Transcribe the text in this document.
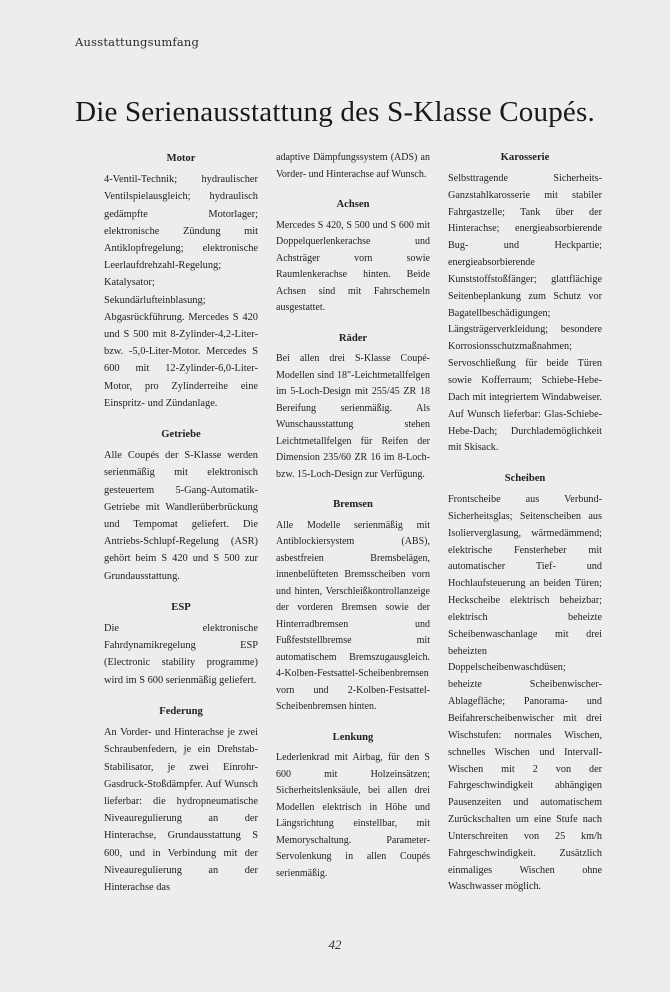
Ausstattungsumfang
Die Serienausstattung des S-Klasse Coupés.
Motor

4-Ventil-Technik; hydraulischer Ventilspielausgleich; hydraulisch gedämpfte Motorlager; elektronische Zündung mit Antiklopfregelung; elektronische Leerlaufdrehzahl-Regelung; Katalysator; Sekundärlufteinblasung; Abgasrückführung. Mercedes S 420 und S 500 mit 8-Zylinder-4,2-Liter- bzw. -5,0-Liter-Motor. Mercedes S 600 mit 12-Zylinder-6,0-Liter-Motor, pro Zylinderreihe eine Einspritz- und Zündanlage.

Getriebe

Alle Coupés der S-Klasse werden serienmäßig mit elektronisch gesteuertem 5-Gang-Automatik-Getriebe mit Wandlerüberbrückung und Tempomat geliefert. Die Antriebs-Schlupf-Regelung (ASR) gehört beim S 420 und S 500 zur Grundausstattung.

ESP

Die elektronische Fahrdynamikregelung ESP (Electronic stability programme) wird im S 600 serienmäßig geliefert.

Federung

An Vorder- und Hinterachse je zwei Schraubenfedern, je ein Drehstab-Stabilisator, je zwei Einrohr-Gasdruck-Stoßdämpfer. Auf Wunsch lieferbar: die hydropneumatische Niveauregulierung an der Hinterachse, Grundausstattung S 600, und in Verbindung mit der Niveauregulierung an der Hinterachse das

adaptive Dämpfungssystem (ADS) an Vorder- und Hinterachse auf Wunsch.

Achsen

Mercedes S 420, S 500 und S 600 mit Doppelquerlenkerachse und Achsträger vorn sowie Raumlenkerachse hinten. Beide Achsen sind mit Fahrschemeln ausgestattet.

Räder

Bei allen drei S-Klasse Coupé-Modellen sind 18"-Leichtmetallfelgen im 5-Loch-Design mit 255/45 ZR 18 Bereifung serienmäßig. Als Wunschausstattung stehen Leichtmetallfelgen für Reifen der Dimension 235/60 ZR 16 im 8-Loch- bzw. 15-Loch-Design zur Verfügung.

Bremsen

Alle Modelle serienmäßig mit Antiblockiersystem (ABS), asbestfreien Bremsbelägen, innenbelüfteten Bremsscheiben vorn und hinten, Verschleißkontrollanzeige der vorderen Bremsen sowie der Hinterradbremsen und Fußfeststellbremse mit automatischem Bremszugausgleich. 4-Kolben-Festsattel-Scheibenbremsen vorn und 2-Kolben-Festsattel-Scheibenbremsen hinten.

Lenkung

Lederlenkrad mit Airbag, für den S 600 mit Holzeinsätzen; Sicherheitslenksäule, bei allen drei Modellen elektrisch in Höhe und Längsrichtung einstellbar, mit Memoryschaltung. Parameter-Servolenkung in allen Coupés serienmäßig.

Karosserie

Selbsttragende Sicherheits-Ganzstahlkarosserie mit stabiler Fahrgastzelle; Tank über der Hinterachse; energieabsorbierende Bug- und Heckpartie; energieabsorbierende Kunststoffstoßfänger; glattflächige Seitenbeplankung zum Schutz vor Bagatellbeschädigungen; Längsträgerverkleidung; besondere Korrosionsschutzmaßnahmen; Servoschließung für beide Türen sowie Kofferraum; Schiebe-Hebe-Dach mit integriertem Windabweiser. Auf Wunsch lieferbar: Glas-Schiebe-Hebe-Dach; Durchlademöglichkeit mit Skisack.

Scheiben

Frontscheibe aus Verbund-Sicherheitsglas; Seitenscheiben aus Isolierverglasung, wärmedämmend; elektrische Fensterheber mit automatischer Tief- und Hochlaufsteuerung an beiden Türen; Heckscheibe elektrisch beheizbar; elektrisch beheizte Scheibenwaschanlage mit drei beheizten Doppelscheibenwaschdüsen; beheizte Scheibenwischer-Ablagefläche; Panorama- und Beifahrerscheibenwischer mit drei Wischstufen: normales Wischen, schnelles Wischen und Intervall-Wischen mit 2 von der Fahrgeschwindigkeit abhängigen Pausenzeiten und automatischem Zurückschalten um eine Stufe nach Unterschreiten von 25 km/h Fahrgeschwindigkeit. Zusätzlich einmaliges Wischen ohne Waschwasser möglich.

42
